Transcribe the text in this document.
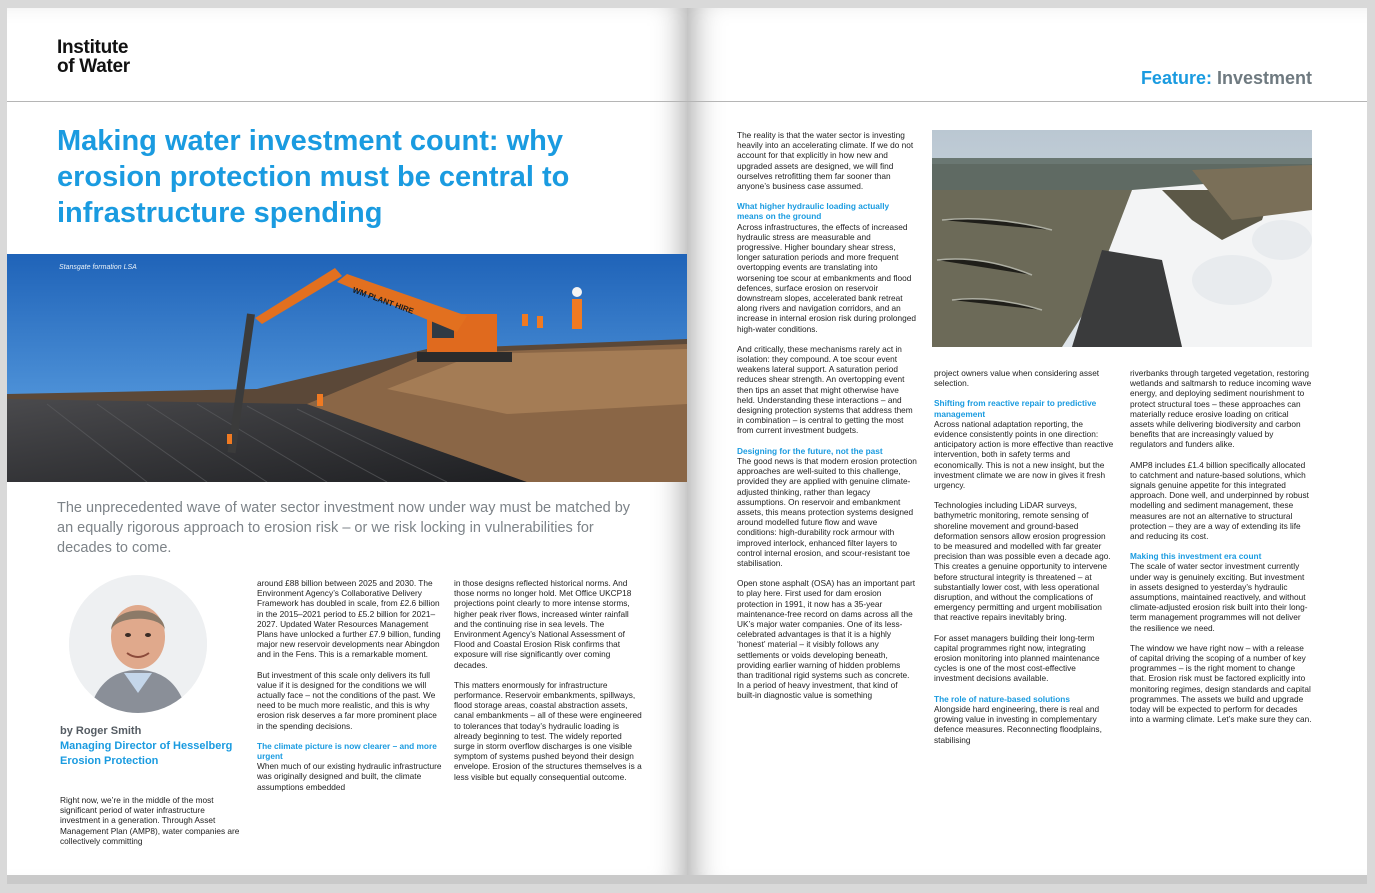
Institute
of Water
Making water investment count: why erosion protection must be central to infrastructure spending
WM PLANT HIRE
Stansgate formation LSA

The unprecedented wave of water sector investment now under way must be matched by an equally rigorous approach to erosion risk – or we risk locking in vulnerabilities for decades to come.

by Roger Smith
Managing Director of Hesselberg Erosion Protection

Right now, we’re in the middle of the most significant period of water infrastructure investment in a generation. Through Asset Management Plan (AMP8), water companies are collectively committing

around £88 billion between 2025 and 2030. The Environment Agency’s Collaborative Delivery Framework has doubled in scale, from £2.6 billion in the 2015–2021 period to £5.2 billion for 2021–2027. Updated Water Resources Management Plans have unlocked a further £7.9 billion, funding major new reservoir developments near Abingdon and in the Fens. This is a remarkable moment.

But investment of this scale only delivers its full value if it is designed for the conditions we will actually face – not the conditions of the past. We need to be much more realistic, and this is why erosion risk deserves a far more prominent place in the spending decisions.

The climate picture is now clearer – and more urgent

When much of our existing hydraulic infrastructure was originally designed and built, the climate assumptions embedded

in those designs reflected historical norms. And those norms no longer hold. Met Office UKCP18 projections point clearly to more intense storms, higher peak river flows, increased winter rainfall and the continuing rise in sea levels. The Environment Agency’s National Assessment of Flood and Coastal Erosion Risk confirms that exposure will rise significantly over coming decades.

This matters enormously for infrastructure performance. Reservoir embankments, spillways, flood storage areas, coastal abstraction assets, canal embankments – all of these were engineered to tolerances that today’s hydraulic loading is already beginning to test. The widely reported surge in storm overflow discharges is one visible symptom of systems pushed beyond their design envelope. Erosion of the structures themselves is a less visible but equally consequential outcome.

Feature: Investment

The reality is that the water sector is investing heavily into an accelerating climate. If we do not account for that explicitly in how new and upgraded assets are designed, we will find ourselves retrofitting them far sooner than anyone’s business case assumed.

What higher hydraulic loading actually means on the ground

Across infrastructures, the effects of increased hydraulic stress are measurable and progressive. Higher boundary shear stress, longer saturation periods and more frequent overtopping events are translating into worsening toe scour at embankments and flood defences, surface erosion on reservoir downstream slopes, accelerated bank retreat along rivers and navigation corridors, and an increase in internal erosion risk during prolonged high-water conditions.

And critically, these mechanisms rarely act in isolation: they compound. A toe scour event weakens lateral support. A saturation period reduces shear strength. An overtopping event then tips an asset that might otherwise have held. Understanding these interactions – and designing protection systems that address them in combination – is central to getting the most from current investment budgets.

Designing for the future, not the past

The good news is that modern erosion protection approaches are well-suited to this challenge, provided they are applied with genuine climate-adjusted thinking, rather than legacy assumptions. On reservoir and embankment assets, this means protection systems designed around modelled future flow and wave conditions: high-durability rock armour with improved interlock, enhanced filter layers to control internal erosion, and scour-resistant toe stabilisation.

Open stone asphalt (OSA) has an important part to play here. First used for dam erosion protection in 1991, it now has a 35-year maintenance-free record on dams across all the UK’s major water companies. One of its less-celebrated advantages is that it is a highly ‘honest’ material – it visibly follows any settlements or voids developing beneath, providing earlier warning of hidden problems than traditional rigid systems such as concrete. In a period of heavy investment, that kind of built-in diagnostic value is something

project owners value when considering asset selection.

Shifting from reactive repair to predictive management

Across national adaptation reporting, the evidence consistently points in one direction: anticipatory action is more effective than reactive intervention, both in safety terms and economically. This is not a new insight, but the investment climate we are now in gives it fresh urgency.

Technologies including LiDAR surveys, bathymetric monitoring, remote sensing of shoreline movement and ground-based deformation sensors allow erosion progression to be measured and modelled with far greater precision than was possible even a decade ago. This creates a genuine opportunity to intervene before structural integrity is threatened – at substantially lower cost, with less operational disruption, and without the complications of emergency permitting and urgent mobilisation that reactive repairs inevitably bring.

For asset managers building their long-term capital programmes right now, integrating erosion monitoring into planned maintenance cycles is one of the most cost-effective investment decisions available.

The role of nature-based solutions

Alongside hard engineering, there is real and growing value in investing in complementary defence measures. Reconnecting floodplains, stabilising

riverbanks through targeted vegetation, restoring wetlands and saltmarsh to reduce incoming wave energy, and deploying sediment nourishment to protect structural toes – these approaches can materially reduce erosive loading on critical assets while delivering biodiversity and carbon benefits that are increasingly valued by regulators and funders alike.

AMP8 includes £1.4 billion specifically allocated to catchment and nature-based solutions, which signals genuine appetite for this integrated approach. Done well, and underpinned by robust modelling and sediment management, these measures are not an alternative to structural protection – they are a way of extending its life and reducing its cost.

Making this investment era count

The scale of water sector investment currently under way is genuinely exciting. But investment in assets designed to yesterday’s hydraulic assumptions, maintained reactively, and without climate-adjusted erosion risk built into their long-term management programmes will not deliver the resilience we need.

The window we have right now – with a release of capital driving the scoping of a number of key programmes – is the right moment to change that. Erosion risk must be factored explicitly into monitoring regimes, design standards and capital programmes. The assets we build and upgrade today will be expected to perform for decades into a warming climate. Let’s make sure they can.
